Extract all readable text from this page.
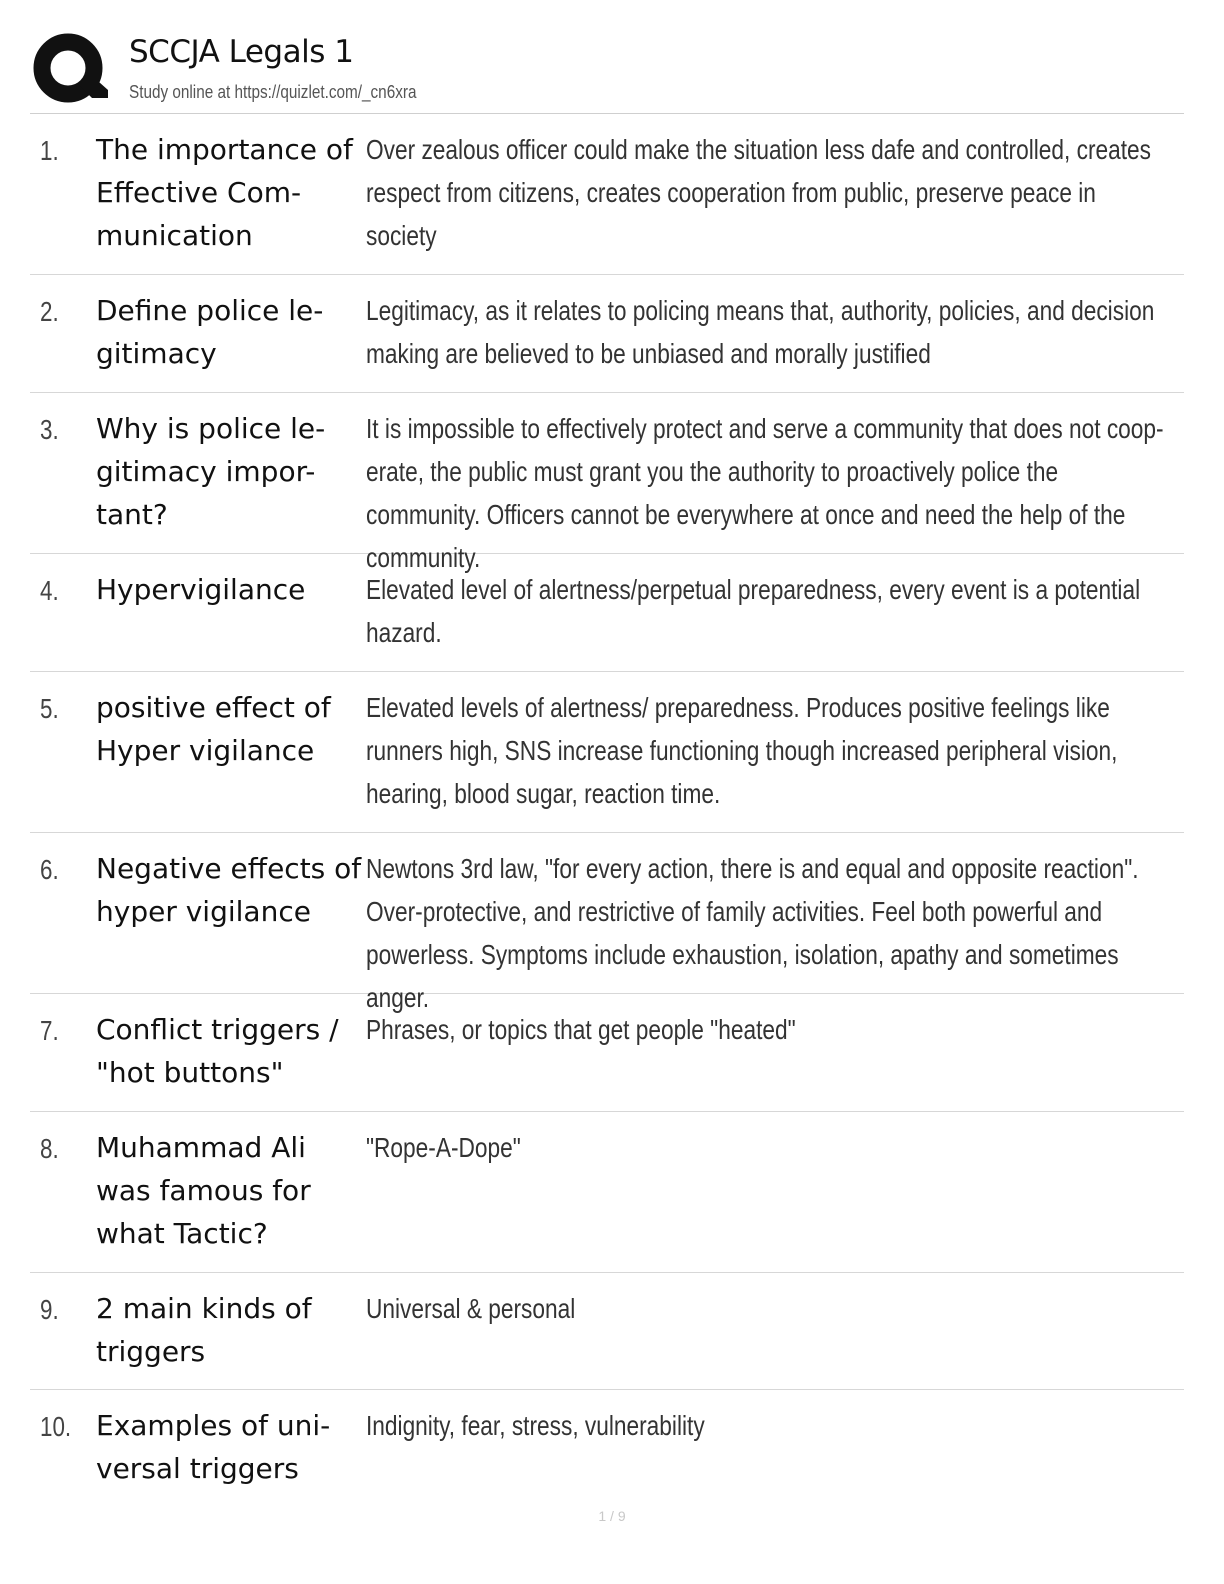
SCCJA Legals 1
Study online at https://quizlet.com/_cn6xra
1. The importance of Effective Com-munication
Over zealous officer could make the situation less dafe and controlled, creates respect from citizens, creates cooperation from public, preserve peace in society
2. Define police le-gitimacy
Legitimacy, as it relates to policing means that, authority, policies, and decision making are believed to be unbiased and morally justified
3. Why is police le-gitimacy impor-tant?
It is impossible to effectively protect and serve a community that does not coop-erate, the public must grant you the authority to proactively police the community. Officers cannot be everywhere at once and need the help of the community.
4. Hypervigilance	Elevated level of alertness/perpetual preparedness, every event is a potential hazard.
5. positive effect of Hyper vigilance
Elevated levels of alertness/ preparedness. Produces positive feelings like runners high, SNS increase functioning though increased peripheral vision, hearing, blood sugar, reaction time.
6. Negative effects of hyper vigilance
Newtons 3rd law, "for every action, there is and equal and opposite reaction". Over-protective, and restrictive of family activities. Feel both powerful and powerless. Symptoms include exhaustion, isolation, apathy and sometimes anger.
7. Conflict triggers / "hot buttons"
Phrases, or topics that get people "heated"
8. Muhammad Ali was famous for what Tactic?
"Rope-A-Dope"
9. 2 main kinds of triggers
Universal & personal
10. Examples of uni-versal triggers
Indignity, fear, stress, vulnerability
1 / 9
